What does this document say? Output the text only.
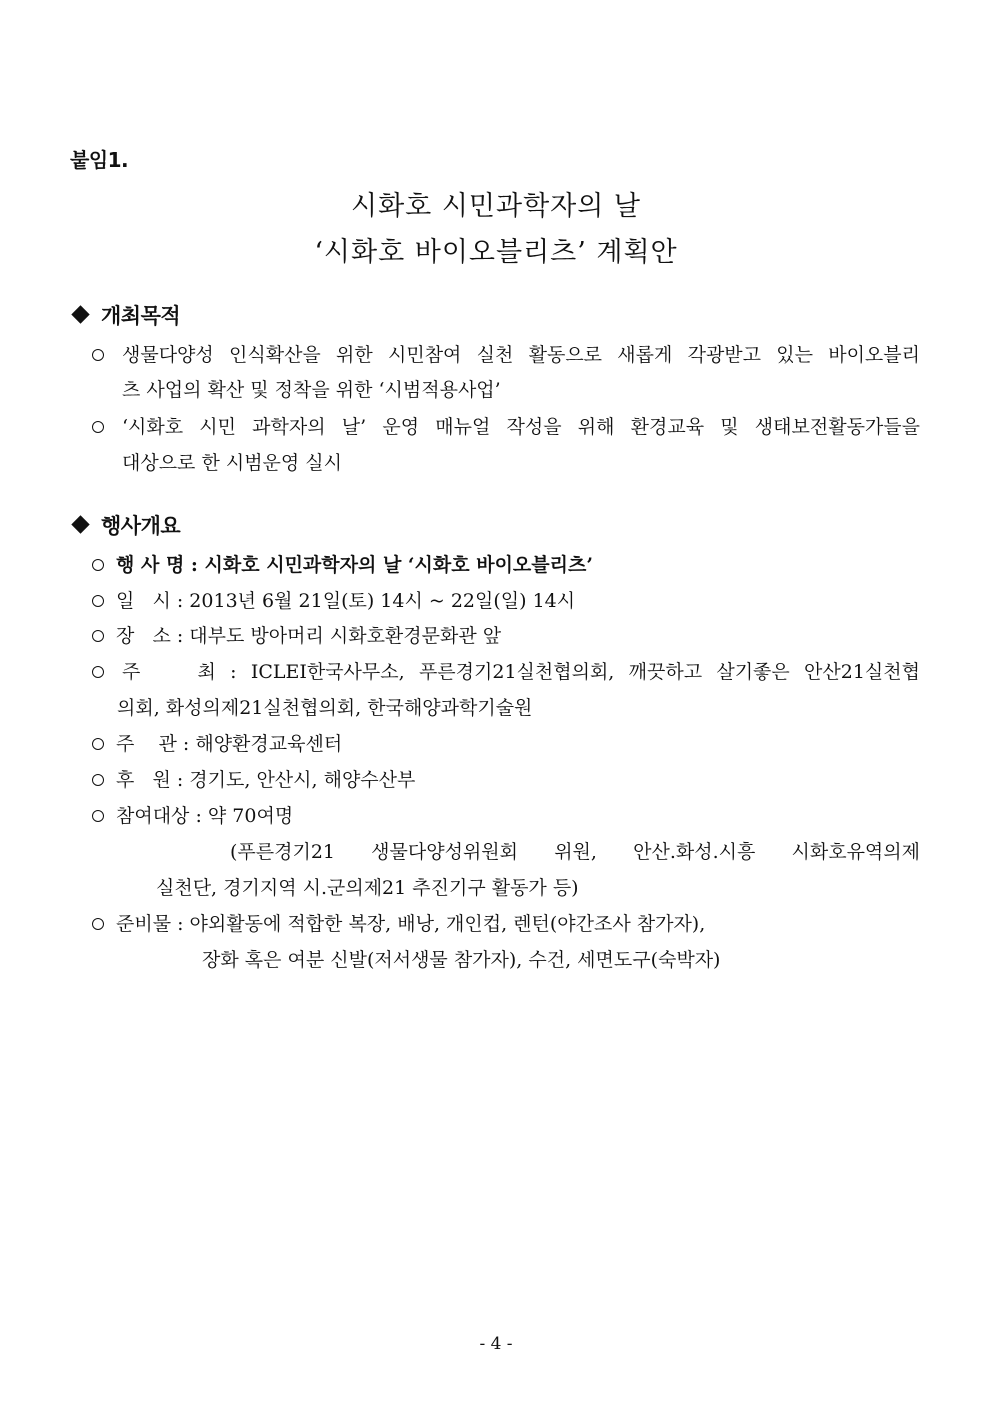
붙임1.
시화호 시민과학자의 날
‘시화호 바이오블리츠’ 계획안
개최목적
생물다양성 인식확산을 위한 시민참여 실천 활동으로 새롭게 각광받고 있는 바이오블리
츠 사업의 확산 및 정착을 위한 ‘시범적용사업’
‘시화호 시민 과학자의 날’ 운영 매뉴얼 작성을 위해 환경교육 및 생태보전활동가들을
대상으로 한 시범운영 실시
행사개요
행 사 명 : 시화호 시민과학자의 날 ‘시화호 바이오블리츠’
일   시 : 2013년 6월 21일(토) 14시 ~ 22일(일) 14시
장   소 : 대부도 방아머리 시화호환경문화관 앞
주    최 : ICLEI한국사무소, 푸른경기21실천협의회, 깨끗하고 살기좋은 안산21실천협
의회, 화성의제21실천협의회, 한국해양과학기술원
주    관 : 해양환경교육센터
후   원 : 경기도, 안산시, 해양수산부
참여대상 : 약 70여명
(푸른경기21 생물다양성위원회 위원, 안산.화성.시흥 시화호유역의제
실천단, 경기지역 시.군의제21 추진기구 활동가 등)
준비물 : 야외활동에 적합한 복장, 배낭, 개인컵, 렌턴(야간조사 참가자),
장화 혹은 여분 신발(저서생물 참가자), 수건, 세면도구(숙박자)
- 4 -
